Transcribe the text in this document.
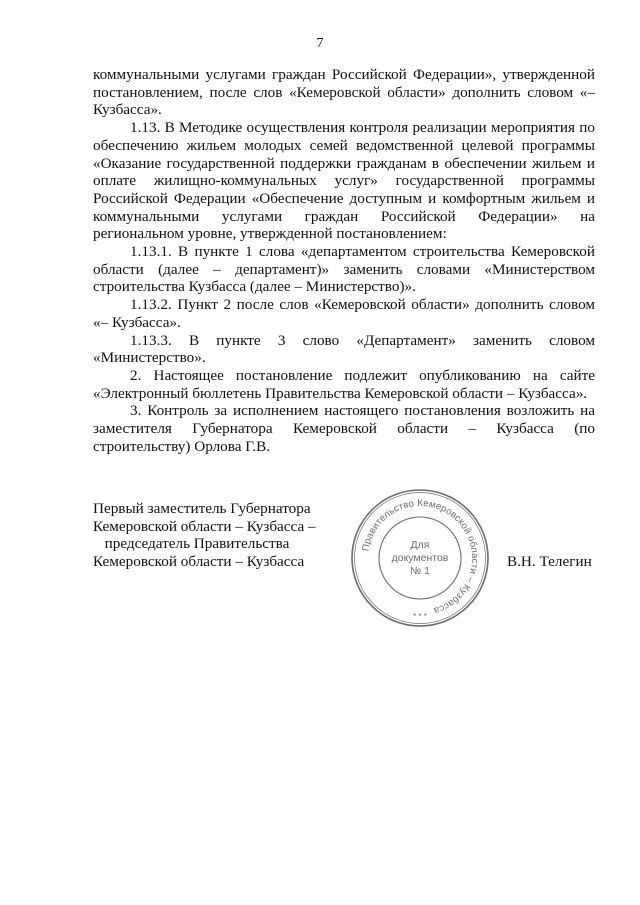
7

коммунальными услугами граждан Российской Федерации», утвержденной постановлением, после слов «Кемеровской области» дополнить словом «– Кузбасса».

1.13. В Методике осуществления контроля реализации мероприятия по обеспечению жильем молодых семей ведомственной целевой программы «Оказание государственной поддержки гражданам в обеспечении жильем и оплате жилищно-коммунальных услуг» государственной программы Российской Федерации «Обеспечение доступным и комфортным жильем и коммунальными услугами граждан Российской Федерации» на региональном уровне, утвержденной постановлением:

1.13.1. В пункте 1 слова «департаментом строительства Кемеровской области (далее – департамент)» заменить словами «Министерством строительства Кузбасса (далее – Министерство)».

1.13.2. Пункт 2 после слов «Кемеровской области» дополнить словом «– Кузбасса».

1.13.3. В пункте 3 слово «Департамент» заменить словом «Министерство».

2. Настоящее постановление подлежит опубликованию на сайте «Электронный бюллетень Правительства Кемеровской области – Кузбасса».

3. Контроль за исполнением настоящего постановления возложить на заместителя Губернатора Кемеровской области – Кузбасса (по строительству) Орлова Г.В.

Первый заместитель Губернатора
Кемеровской области – Кузбасса –
председатель Правительства
Кемеровской области – Кузбасса
Правительство Кемеровской области – Кузбасса
* * *
Для
документов
№ 1
В.Н. Телегин
